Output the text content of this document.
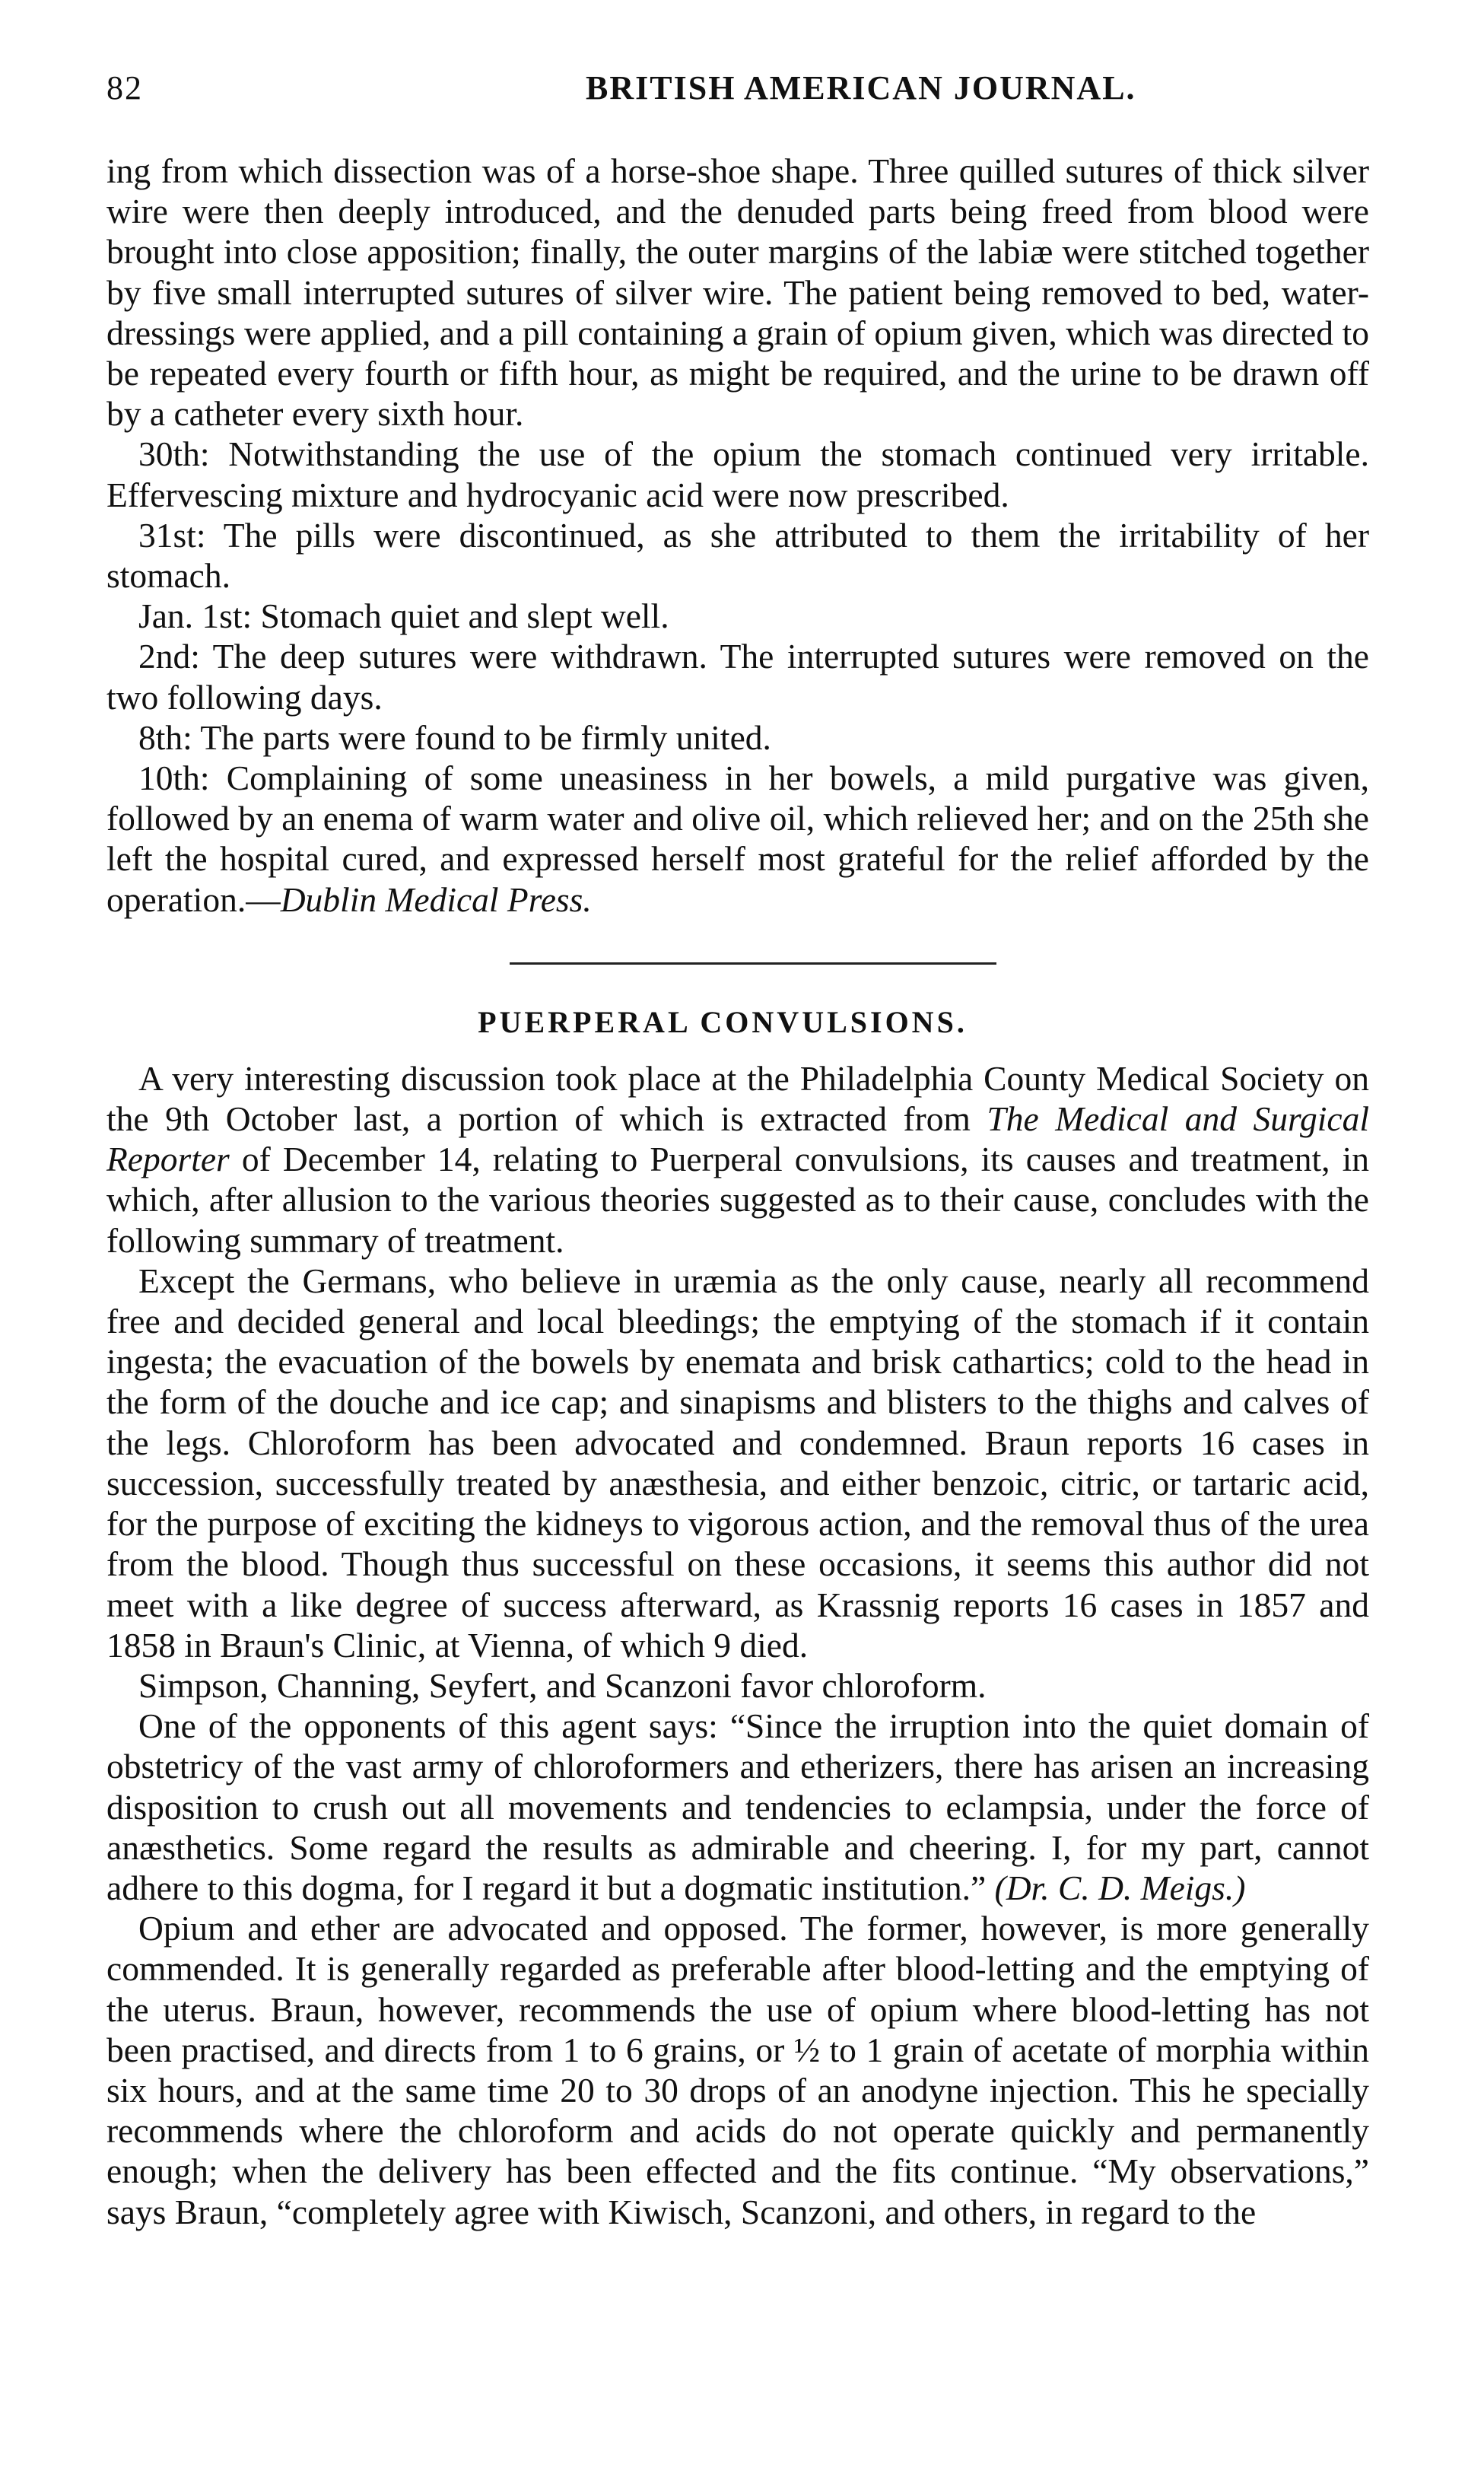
82	BRITISH AMERICAN JOURNAL.

ing from which dissection was of a horse-shoe shape. Three quilled sutures of thick silver wire were then deeply introduced, and the denuded parts being freed from blood were brought into close apposition; finally, the outer margins of the labiæ were stitched together by five small interrupted sutures of silver wire. The patient being removed to bed, water-dressings were applied, and a pill containing a grain of opium given, which was directed to be repeated every fourth or fifth hour, as might be required, and the urine to be drawn off by a catheter every sixth hour.

30th: Notwithstanding the use of the opium the stomach continued very irritable. Effervescing mixture and hydrocyanic acid were now prescribed.

31st: The pills were discontinued, as she attributed to them the irritability of her stomach.

Jan. 1st: Stomach quiet and slept well.

2nd: The deep sutures were withdrawn. The interrupted sutures were removed on the two following days.

8th: The parts were found to be firmly united.

10th: Complaining of some uneasiness in her bowels, a mild purgative was given, followed by an enema of warm water and olive oil, which relieved her; and on the 25th she left the hospital cured, and expressed herself most grateful for the relief afforded by the operation.—Dublin Medical Press.

PUERPERAL CONVULSIONS.

A very interesting discussion took place at the Philadelphia County Medical Society on the 9th October last, a portion of which is extracted from The Medical and Surgical Reporter of December 14, relating to Puerperal convulsions, its causes and treatment, in which, after allusion to the various theories suggested as to their cause, concludes with the following summary of treatment.

Except the Germans, who believe in uræmia as the only cause, nearly all recommend free and decided general and local bleedings; the emptying of the stomach if it contain ingesta; the evacuation of the bowels by enemata and brisk cathartics; cold to the head in the form of the douche and ice cap; and sinapisms and blisters to the thighs and calves of the legs. Chloroform has been advocated and condemned. Braun reports 16 cases in succession, successfully treated by anæsthesia, and either benzoic, citric, or tartaric acid, for the purpose of exciting the kidneys to vigorous action, and the removal thus of the urea from the blood. Though thus successful on these occasions, it seems this author did not meet with a like degree of success afterward, as Krassnig reports 16 cases in 1857 and 1858 in Braun's Clinic, at Vienna, of which 9 died.

Simpson, Channing, Seyfert, and Scanzoni favor chloroform.

One of the opponents of this agent says: “Since the irruption into the quiet domain of obstetricy of the vast army of chloroformers and etherizers, there has arisen an increasing disposition to crush out all movements and tendencies to eclampsia, under the force of anæsthetics. Some regard the results as admirable and cheering. I, for my part, cannot adhere to this dogma, for I regard it but a dogmatic institution.” (Dr. C. D. Meigs.)

Opium and ether are advocated and opposed. The former, however, is more generally commended. It is generally regarded as preferable after blood-letting and the emptying of the uterus. Braun, however, recommends the use of opium where blood-letting has not been practised, and directs from 1 to 6 grains, or ½ to 1 grain of acetate of morphia within six hours, and at the same time 20 to 30 drops of an anodyne injection. This he specially recommends where the chloroform and acids do not operate quickly and permanently enough; when the delivery has been effected and the fits continue. “My observations,” says Braun, “completely agree with Kiwisch, Scanzoni, and others, in regard to the
